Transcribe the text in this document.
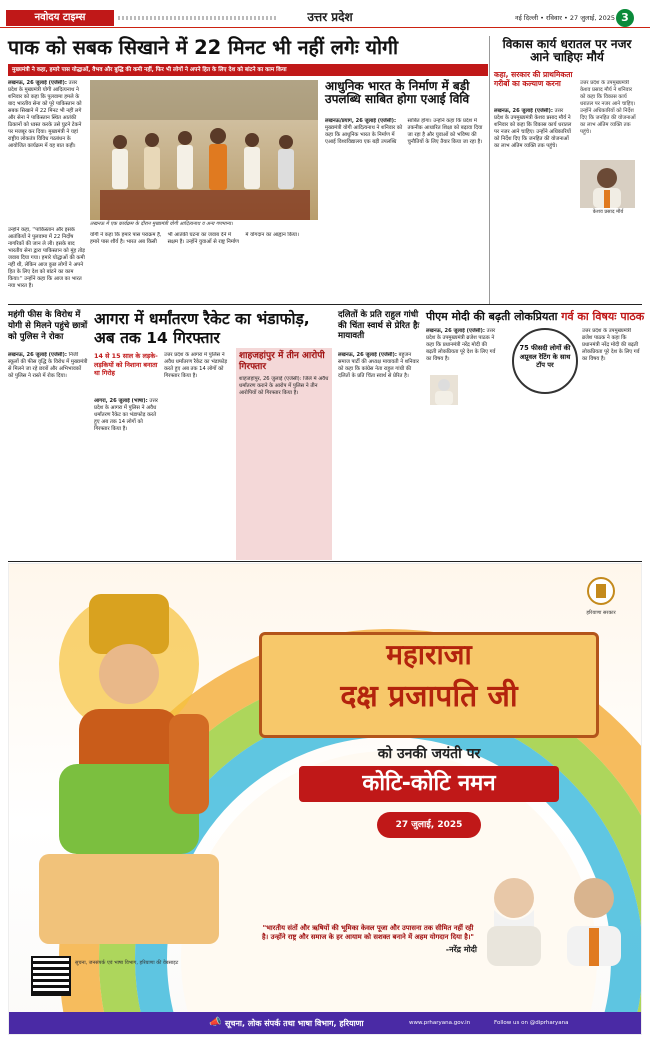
नवोदय टाइम्स	उत्तर प्रदेश	नई दिल्ली • रविवार • 27 जुलाई, 2025 3
पाक को सबक सिखाने में 22 मिनट भी नहीं लगेः योगी
मुख्यमंत्री ने कहा, हमारे पास योद्धाओं, वैभव और बुद्धि की कमी नहीं, फिर भी लोगों ने अपने हित के लिए देश को बांटने का काम किया
लखनऊ, 26 जुलाई (एजेंसी): उत्तर प्रदेश के मुख्यमंत्री योगी आदित्यनाथ ने शनिवार को कहा कि पुलवामा हमले के बाद भारतीय सेना को पूरे पाकिस्तान को सबक सिखाने में 22 मिनट भी नहीं लगे और सेना ने पाकिस्तान स्थित आतंकी ठिकानों को ध्वस्त करके उसे घुटने टेकने पर मजबूर कर दिया। मुख्यमंत्री ने यहां राष्ट्रीय लोकतंत्र विविध गठबंधन के आयोजित कार्यक्रम में यह बात कही।
उन्होंने कहा, ''पाकिस्तान और इसके आतंकियों ने पुलवामा में 22 निर्दोष नागरिकों की जान ले ली। इसके बाद भारतीय सेना द्वारा पाकिस्तान को मुंह तोड़ जवाब दिया गया। हमारे योद्धाओं की कमी नहीं थी, लेकिन आज कुछ लोगों ने अपने हित के लिए देश को बांटने का काम किया।'' उन्होंने कहा कि आज का भारत नया भारत है।
लखनऊ में एक कार्यक्रम के दौरान मुख्यमंत्री योगी आदित्यनाथ व अन्य गणमान्य।
योगी ने कहा कि हमारे पास पराक्रम है, हमारे पास शौर्य है। भारत अब किसी भी आतंकी घटना का जवाब देने में सक्षम है। उन्होंने युवाओं से राष्ट्र निर्माण में योगदान का आह्वान किया।
आधुनिक भारत के निर्माण में बड़ी उपलब्धि साबित होगा एआई विवि
लखनऊ/प्रयाग, 26 जुलाई (एजेंसी): मुख्यमंत्री योगी आदित्यनाथ ने शनिवार को कहा कि आधुनिक भारत के निर्माण में एआई विश्वविद्यालय एक बड़ी उपलब्धि साबित होगा। उन्होंने कहा कि प्रदेश में तकनीक आधारित शिक्षा को बढ़ावा दिया जा रहा है और युवाओं को भविष्य की चुनौतियों के लिए तैयार किया जा रहा है।
विकास कार्य धरातल पर नजर आने चाहिएः मौर्य
कहा, सरकार की प्राथमिकता गरीबों का कल्याण करना
लखनऊ, 26 जुलाई (एजेंसी): उत्तर प्रदेश के उपमुख्यमंत्री केशव प्रसाद मौर्य ने शनिवार को कहा कि विकास कार्य धरातल पर नजर आने चाहिए। उन्होंने अधिकारियों को निर्देश दिए कि जनहित की योजनाओं का लाभ अंतिम व्यक्ति तक पहुंचे।
केशव प्रसाद मौर्य
उत्तर प्रदेश के उपमुख्यमंत्री केशव प्रसाद मौर्य ने शनिवार को कहा कि विकास कार्य धरातल पर नजर आने चाहिए। उन्होंने अधिकारियों को निर्देश दिए कि जनहित की योजनाओं का लाभ अंतिम व्यक्ति तक पहुंचे।
महंगी फीस के विरोध में योगी से मिलने पहुंचे छात्रों को पुलिस ने रोका
लखनऊ, 26 जुलाई (एजेंसी): निजी स्कूलों की फीस वृद्धि के विरोध में मुख्यमंत्री से मिलने जा रहे छात्रों और अभिभावकों को पुलिस ने रास्ते में रोक दिया।
आगरा में धर्मांतरण रैकेट का भंडाफोड़, अब तक 14 गिरफ्तार
14 से 15 साल के लड़के-लड़कियों को निशाना बनाता था गिरोह
आगरा, 26 जुलाई (भाषा): उत्तर प्रदेश के आगरा में पुलिस ने अवैध धर्मांतरण रैकेट का भंडाफोड़ करते हुए अब तक 14 लोगों को गिरफ्तार किया है।
उत्तर प्रदेश के आगरा में पुलिस ने अवैध धर्मांतरण रैकेट का भंडाफोड़ करते हुए अब तक 14 लोगों को गिरफ्तार किया है।
शाहजहांपुर में तीन आरोपी गिरफ्तार
शाहजहांपुर, 26 जुलाई (एजेंसी): जिले में अवैध धर्मांतरण कराने के आरोप में पुलिस ने तीन आरोपियों को गिरफ्तार किया है।
दलितों के प्रति राहुल गांधी की चिंता स्वार्थ से प्रेरित हैः मायावती
लखनऊ, 26 जुलाई (एजेंसी): बहुजन समाज पार्टी की अध्यक्ष मायावती ने शनिवार को कहा कि कांग्रेस नेता राहुल गांधी की दलितों के प्रति चिंता स्वार्थ से प्रेरित है।
पीएम मोदी की बढ़ती लोकप्रियता गर्व का विषयः पाठक
लखनऊ, 26 जुलाई (एजेंसी): उत्तर प्रदेश के उपमुख्यमंत्री ब्रजेश पाठक ने कहा कि प्रधानमंत्री नरेंद्र मोदी की बढ़ती लोकप्रियता पूरे देश के लिए गर्व का विषय है।
75 फीसदी लोगों की अप्रूवल रेटिंग के साथ टॉप पर
उत्तर प्रदेश के उपमुख्यमंत्री ब्रजेश पाठक ने कहा कि प्रधानमंत्री नरेंद्र मोदी की बढ़ती लोकप्रियता पूरे देश के लिए गर्व का विषय है।
हरियाणा सरकार
महाराजा
दक्ष प्रजापति जी
को उनकी जयंती पर
कोटि-कोटि नमन
27 जुलाई, 2025
"भारतीय संतों और ऋषियों की भूमिका केवल पूजा और उपासना तक सीमित नहीं रही है। उन्होंने राष्ट्र और समाज के हर आयाम को सशक्त बनाने में अहम योगदान दिया है।"
-नरेंद्र मोदी
सूचना, जनसंपर्क एवं भाषा विभाग, हरियाणा की वेबसाइट
📣 सूचना, लोक संपर्क तथा भाषा विभाग, हरियाणा	www.prharyana.gov.in	Follow us on @diprharyana
